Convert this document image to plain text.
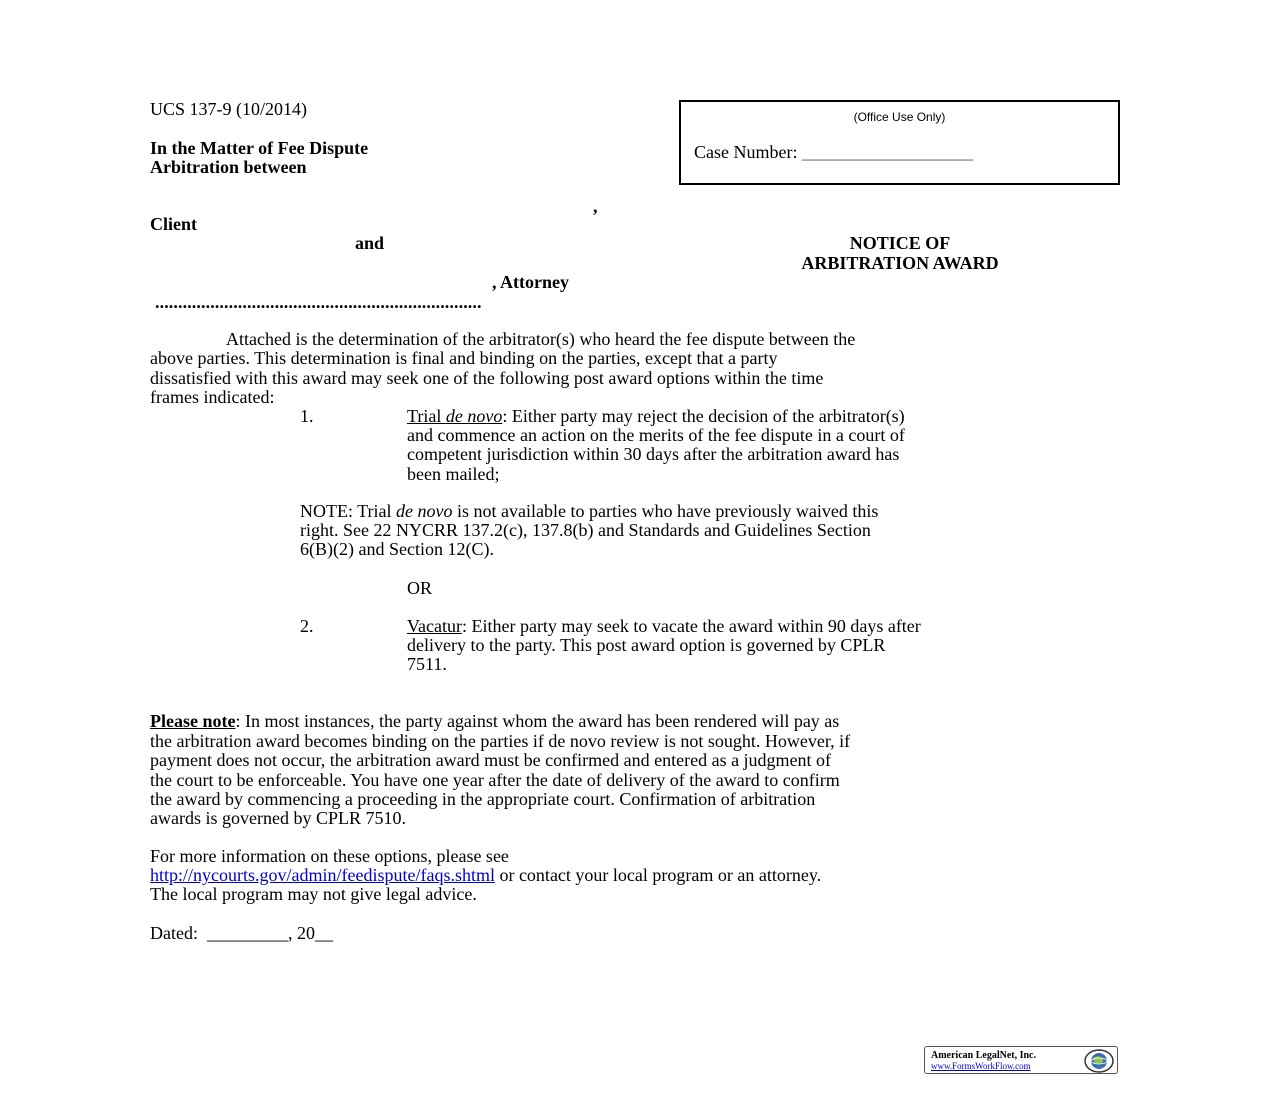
UCS 137-9 (10/2014)
In the Matter of Fee Dispute
Arbitration between
,
Client
and
, Attorney
.......................................................................
(Office Use Only)
Case Number: ___________________
NOTICE OF
ARBITRATION AWARD
Attached is the determination of the arbitrator(s) who heard the fee dispute between the
above parties. This determination is final and binding on the parties, except that a party
dissatisfied with this award may seek one of the following post award options within the time
frames indicated:
1.	Trial de novo: Either party may reject the decision of the arbitrator(s)
and commence an action on the merits of the fee dispute in a court of
competent jurisdiction within 30 days after the arbitration award has
been mailed;
NOTE: Trial de novo is not available to parties who have previously waived this
right. See 22 NYCRR 137.2(c), 137.8(b) and Standards and Guidelines Section
6(B)(2) and Section 12(C).
OR
2.	Vacatur: Either party may seek to vacate the award within 90 days after
delivery to the party. This post award option is governed by CPLR
7511.
Please note: In most instances, the party against whom the award has been rendered will pay as
the arbitration award becomes binding on the parties if de novo review is not sought. However, if
payment does not occur, the arbitration award must be confirmed and entered as a judgment of
the court to be enforceable. You have one year after the date of delivery of the award to confirm
the award by commencing a proceeding in the appropriate court. Confirmation of arbitration
awards is governed by CPLR 7510.
For more information on these options, please see
http://nycourts.gov/admin/feedispute/faqs.shtml or contact your local program or an attorney.
The local program may not give legal advice.
Dated: _________, 20__
American LegalNet, Inc.
www.FormsWorkFlow.com
